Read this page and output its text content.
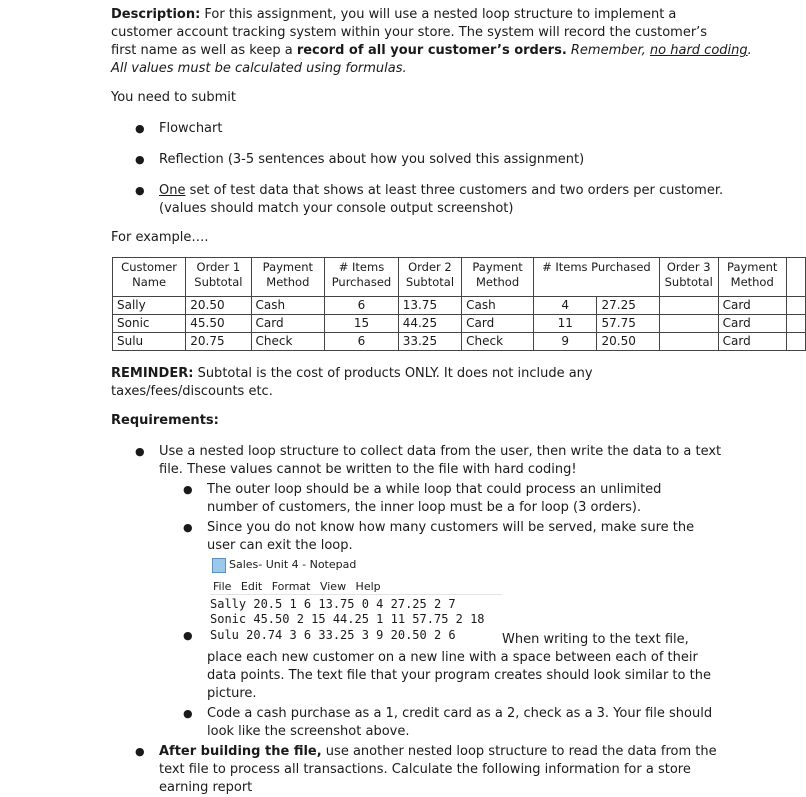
Description: For this assignment, you will use a nested loop structure to implement a
customer account tracking system within your store. The system will record the customer’s
first name as well as keep a record of all your customer’s orders. Remember, no hard coding.
All values must be calculated using formulas.
You need to submit
● Flowchart
● Reflection (3-5 sentences about how you solved this assignment)
● One set of test data that shows at least three customers and two orders per customer.
(values should match your console output screenshot)
For example….
Customer Name	Order 1 Subtotal	Payment Method	# Items Purchased	Order 2 Subtotal	Payment Method	# Items Purchased		Order 3 Subtotal	Payment Method	
Sally	20.50	Cash	6	13.75	Cash	4	27.25		Card	
Sonic	45.50	Card	15	44.25	Card	11	57.75		Card	
Sulu	20.75	Check	6	33.25	Check	9	20.50		Card	
REMINDER: Subtotal is the cost of products ONLY. It does not include any
taxes/fees/discounts etc.
Requirements:
● Use a nested loop structure to collect data from the user, then write the data to a text
file. These values cannot be written to the file with hard coding!
● The outer loop should be a while loop that could process an unlimited
number of customers, the inner loop must be a for loop (3 orders).
● Since you do not know how many customers will be served, make sure the
user can exit the loop.
Sales- Unit 4 - Notepad
File Edit Format View Help
Sally 20.5 1 6 13.75 0 4 27.25 2 7
Sonic 45.50 2 15 44.25 1 11 57.75 2 18
● Sulu 20.74 3 6 33.25 3 9 20.50 2 6	When writing to the text file,
place each new customer on a new line with a space between each of their
data points. The text file that your program creates should look similar to the
picture.
● Code a cash purchase as a 1, credit card as a 2, check as a 3. Your file should
look like the screenshot above.
● After building the file, use another nested loop structure to read the data from the
text file to process all transactions. Calculate the following information for a store
earning report
